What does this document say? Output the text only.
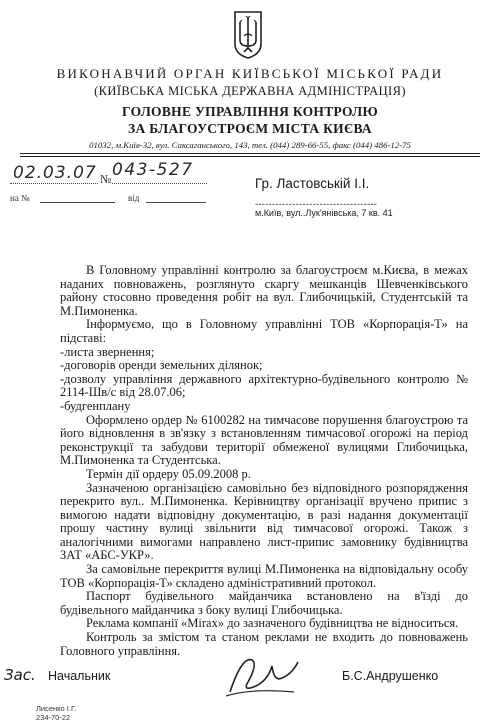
ВИКОНАВЧИЙ ОРГАН КИЇВСЬКОЇ МІСЬКОЇ РАДИ
(КИЇВСЬКА МІСЬКА ДЕРЖАВНА АДМІНІСТРАЦІЯ)
ГОЛОВНЕ УПРАВЛІННЯ КОНТРОЛЮ
ЗА БЛАГОУСТРОЄМ МІСТА КИЄВА
01032, м.Київ-32, вул. Саксаганського, 143, тел. (044) 289-66-55, факс (044) 486-12-75
02.03.07 № 043-527
на №	від
Гр. Ластовській І.І.
------------------------------------
м.Київ, вул..Лук'янівська, 7 кв. 41

В Головному управлінні контролю за благоустроєм м.Києва, в межах наданих повноважень, розглянуто скаргу мешканців Шевченківського району стосовно проведення робіт на вул. Глибочицькій, Студентській та М.Пимоненка.

Інформуємо, що в Головному управлінні ТОВ «Корпорація-Т» на підставі:

-листа звернення;

-договорів оренди земельних ділянок;

-дозволу управління державного архітектурно-будівельного контролю № 2114-Шв/с від 28.07.06;

-будгенплану

Оформлено ордер № 6100282 на тимчасове порушення благоустрою та його відновлення в зв'язку з встановленням тимчасової огорожі на період реконструкції та забудови території обмеженої вулицями Глибочицька, М.Пимоненка та Студентська.

Термін дії ордеру 05.09.2008 р.

Зазначеною організацією самовільно без відповідного розпорядження перекрито вул.. М.Пимоненка. Керівництву організації вручено припис з вимогою надати відповідну документацію, в разі надання документації прошу частину вулиці звільнити від тимчасової огорожі. Також з аналогічними вимогами направлено лист-припис замовнику будівництва ЗАТ «АБС-УКР».

За самовільне перекриття вулиці М.Пимоненка на відповідальну особу ТОВ «Корпорація-Т» складено адміністративний протокол.

Паспорт будівельного майданчика встановлено на в'їзді до будівельного майданчика з боку вулиці Глибочицька.

Реклама компанії «Mirax» до зазначеного будівництва не відноситься.

Контроль за змістом та станом реклами не входить до повноважень Головного управління.

Зас. Начальник	Б.С.Андрушенко
Лисенко І.Г.
234-70-22
